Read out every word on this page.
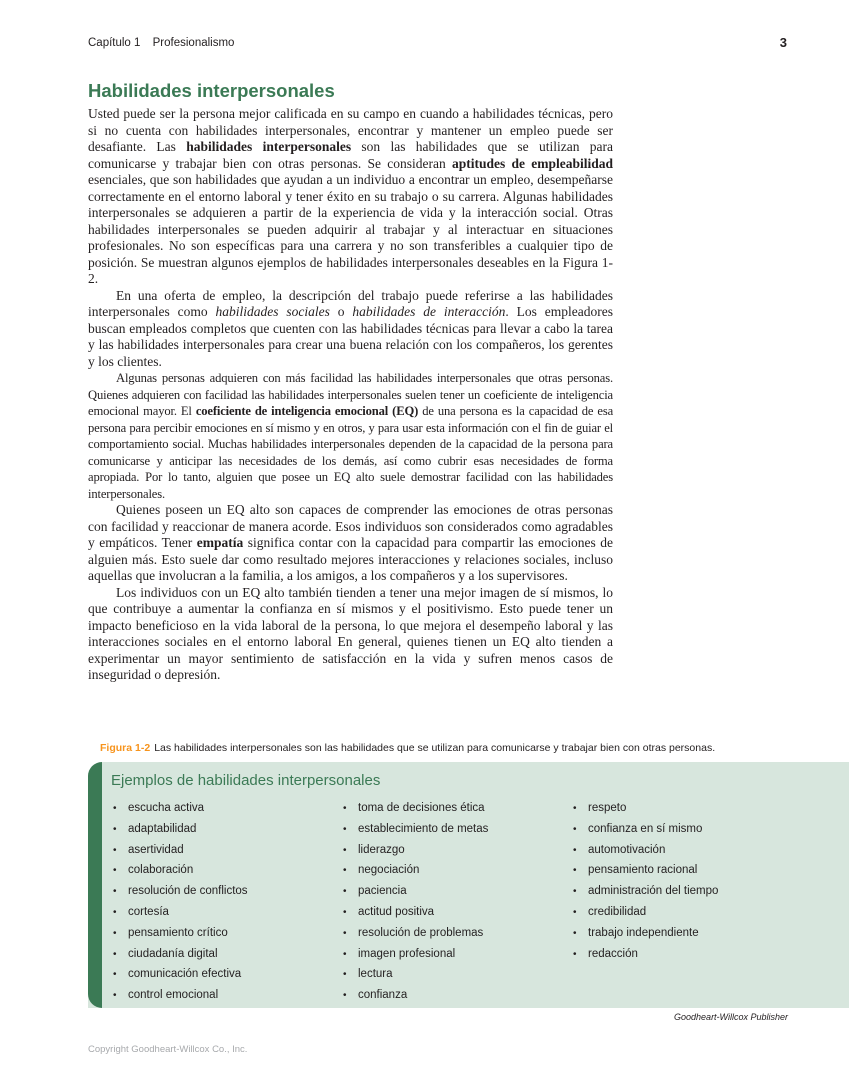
Capítulo 1 Profesionalismo	3
Habilidades interpersonales

Usted puede ser la persona mejor calificada en su campo en cuando a habilidades técnicas, pero si no cuenta con habilidades interpersonales, encontrar y mantener un empleo puede ser desafiante. Las habilidades interpersonales son las habilidades que se utilizan para comunicarse y trabajar bien con otras personas. Se consideran aptitudes de empleabilidad esenciales, que son habilidades que ayudan a un individuo a encontrar un empleo, desempeñarse correctamente en el entorno laboral y tener éxito en su trabajo o su carrera. Algunas habilidades interpersonales se adquieren a partir de la experiencia de vida y la interacción social. Otras habilidades interpersonales se pueden adquirir al trabajar y al interactuar en situaciones profesionales. No son específicas para una carrera y no son transferibles a cualquier tipo de posición. Se muestran algunos ejemplos de habilidades interpersonales deseables en la Figura 1-2.

En una oferta de empleo, la descripción del trabajo puede referirse a las habilidades interpersonales como habilidades sociales o habilidades de interacción. Los empleadores buscan empleados completos que cuenten con las habilidades técnicas para llevar a cabo la tarea y las habilidades interpersonales para crear una buena relación con los compañeros, los gerentes y los clientes.

Algunas personas adquieren con más facilidad las habilidades interpersonales que otras personas. Quienes adquieren con facilidad las habilidades interpersonales suelen tener un coeficiente de inteligencia emocional mayor. El coeficiente de inteligencia emocional (EQ) de una persona es la capacidad de esa persona para percibir emociones en sí mismo y en otros, y para usar esta información con el fin de guiar el comportamiento social. Muchas habilidades interpersonales dependen de la capacidad de la persona para comunicarse y anticipar las necesidades de los demás, así como cubrir esas necesidades de forma apropiada. Por lo tanto, alguien que posee un EQ alto suele demostrar facilidad con las habilidades interpersonales.

Quienes poseen un EQ alto son capaces de comprender las emociones de otras personas con facilidad y reaccionar de manera acorde. Esos individuos son considerados como agradables y empáticos. Tener empatía significa contar con la capacidad para compartir las emociones de alguien más. Esto suele dar como resultado mejores interacciones y relaciones sociales, incluso aquellas que involucran a la familia, a los amigos, a los compañeros y a los supervisores.

Los individuos con un EQ alto también tienden a tener una mejor imagen de sí mismos, lo que contribuye a aumentar la confianza en sí mismos y el positivismo. Esto puede tener un impacto beneficioso en la vida laboral de la persona, lo que mejora el desempeño laboral y las interacciones sociales en el entorno laboral En general, quienes tienen un EQ alto tienden a experimentar un mayor sentimiento de satisfacción en la vida y sufren menos casos de inseguridad o depresión.

Figura 1-2 Las habilidades interpersonales son las habilidades que se utilizan para comunicarse y trabajar bien con otras personas.
Ejemplos de habilidades interpersonales
• escucha activa
• adaptabilidad
• asertividad
• colaboración
• resolución de conflictos
• cortesía
• pensamiento crítico
• ciudadanía digital
• comunicación efectiva
• control emocional
• toma de decisiones ética
• establecimiento de metas
• liderazgo
• negociación
• paciencia
• actitud positiva
• resolución de problemas
• imagen profesional
• lectura
• confianza
• respeto
• confianza en sí mismo
• automotivación
• pensamiento racional
• administración del tiempo
• credibilidad
• trabajo independiente
• redacción
Goodheart-Willcox Publisher
Copyright Goodheart-Willcox Co., Inc.
